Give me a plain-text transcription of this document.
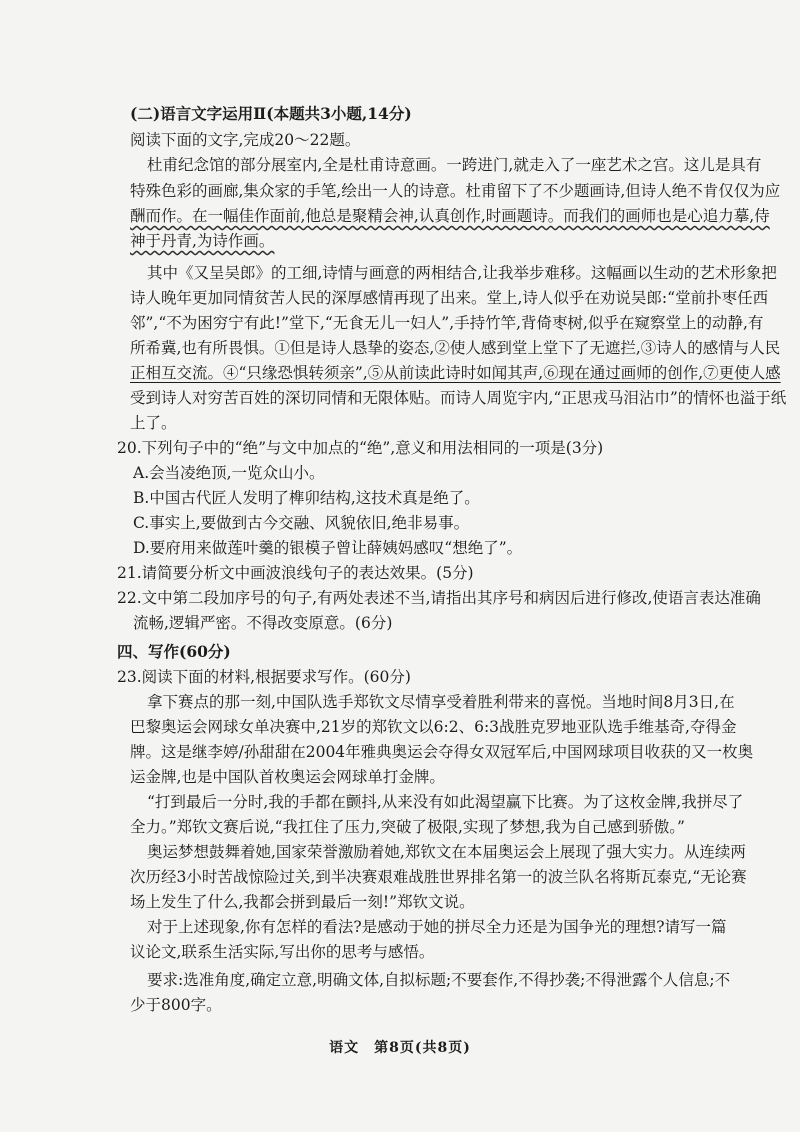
(二)语言文字运用Ⅱ(本题共3小题,14分)
阅读下面的文字,完成20～22题。
杜甫纪念馆的部分展室内,全是杜甫诗意画。一跨进门,就走入了一座艺术之宫。这儿是具有
特殊色彩的画廊,集众家的手笔,绘出一人的诗意。杜甫留下了不少题画诗,但诗人绝不肯仅仅为应
酬而作。在一幅佳作面前,他总是聚精会神,认真创作,时画题诗。而我们的画师也是心追力摹,侍
神于丹青,为诗作画。
其中《又呈吴郎》的工细,诗情与画意的两相结合,让我举步难移。这幅画以生动的艺术形象把
诗人晚年更加同情贫苦人民的深厚感情再现了出来。堂上,诗人似乎在劝说吴郎:“堂前扑枣任西
邻”,“不为困穷宁有此!”堂下,“无食无儿一妇人”,手持竹竿,背倚枣树,似乎在窥察堂上的动静,有
所希冀,也有所畏惧。①但是诗人恳挚的姿态,②使人感到堂上堂下了无遮拦,③诗人的感情与人民
正相互交流。④“只缘恐惧转须亲”,⑤从前读此诗时如闻其声,⑥现在通过画师的创作,⑦更使人感
受到诗人对穷苦百姓的深切同情和无限体贴。而诗人周览宇内,“正思戎马泪沾巾”的情怀也溢于纸
上了。
20.下列句子中的“绝”与文中加点的“绝”,意义和用法相同的一项是(3分)
A.会当凌绝顶,一览众山小。
B.中国古代匠人发明了榫卯结构,这技术真是绝了。
C.事实上,要做到古今交融、风貌依旧,绝非易事。
D.要府用来做莲叶羹的银模子曾让薛姨妈感叹“想绝了”。
21.请简要分析文中画波浪线句子的表达效果。(5分)
22.文中第二段加序号的句子,有两处表述不当,请指出其序号和病因后进行修改,使语言表达准确
流畅,逻辑严密。不得改变原意。(6分)
四、写作(60分)
23.阅读下面的材料,根据要求写作。(60分)
拿下赛点的那一刻,中国队选手郑钦文尽情享受着胜利带来的喜悦。当地时间8月3日,在
巴黎奥运会网球女单决赛中,21岁的郑钦文以6:2、6:3战胜克罗地亚队选手维基奇,夺得金
牌。这是继李婷/孙甜甜在2004年雅典奥运会夺得女双冠军后,中国网球项目收获的又一枚奥
运金牌,也是中国队首枚奥运会网球单打金牌。
“打到最后一分时,我的手都在颤抖,从来没有如此渴望赢下比赛。为了这枚金牌,我拼尽了
全力。”郑钦文赛后说,“我扛住了压力,突破了极限,实现了梦想,我为自己感到骄傲。”
奥运梦想鼓舞着她,国家荣誉激励着她,郑钦文在本届奥运会上展现了强大实力。从连续两
次历经3小时苦战惊险过关,到半决赛艰难战胜世界排名第一的波兰队名将斯瓦泰克,“无论赛
场上发生了什么,我都会拼到最后一刻!”郑钦文说。
对于上述现象,你有怎样的看法?是感动于她的拼尽全力还是为国争光的理想?请写一篇
议论文,联系生活实际,写出你的思考与感悟。
要求:选准角度,确定立意,明确文体,自拟标题;不要套作,不得抄袭;不得泄露个人信息;不
少于800字。
语文　第8页(共8页)
